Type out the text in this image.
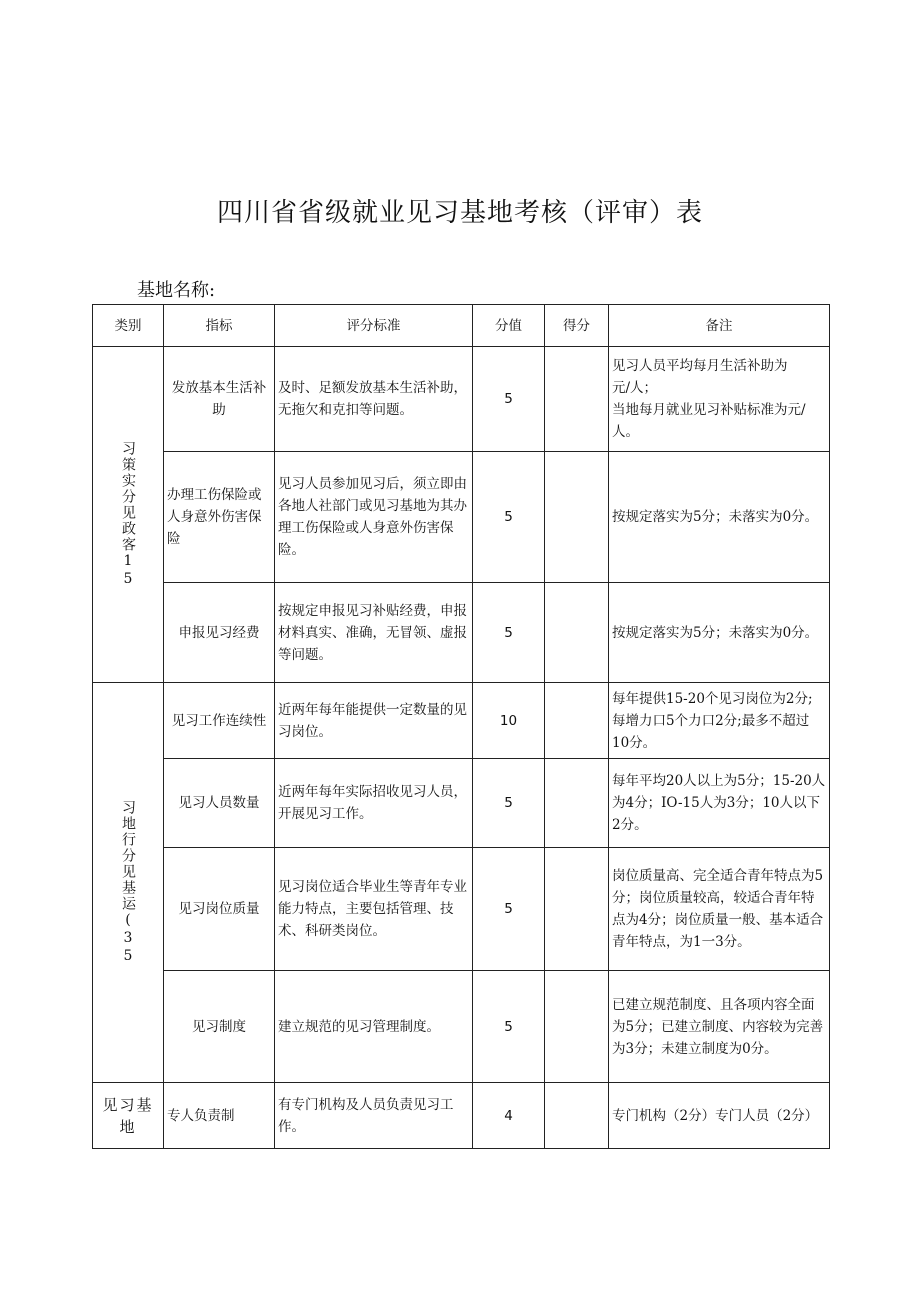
四川省省级就业见习基地考核（评审）表
基地名称:
类别	指标	评分标准	分值	得分	备注

习策实分见政客15	发放基本生活补助	及时、足额发放基本生活补助，无拖欠和克扣等问题。	5		见习人员平均每月生活补助为　　　元/人；
当地每月就业见习补贴标准为元/人。
	办理工伤保险或人身意外伤害保险	见习人员参加见习后，须立即由各地人社部门或见习基地为其办理工伤保险或人身意外伤害保险。	5		按规定落实为5分；未落实为0分。
	申报见习经费	按规定申报见习补贴经费，申报材料真实、准确，无冒领、虚报等问题。	5		按规定落实为5分；未落实为0分。

习地行分见基运(35	见习工作连续性	近两年每年能提供一定数量的见习岗位。	10		每年提供15-20个见习岗位为2分;每增力口5个力口2分;最多不超过10分。
	见习人员数量	近两年每年实际招收见习人员，开展见习工作。	5		每年平均20人以上为5分；15-20人为4分；IO-15人为3分；10人以下2分。
	见习岗位质量	见习岗位适合毕业生等青年专业能力特点，主要包括管理、技术、科研类岗位。	5		岗位质量高、完全适合青年特点为5分；岗位质量较高，较适合青年特点为4分；岗位质量一般、基本适合青年特点，为1一3分。
	见习制度	建立规范的见习管理制度。	5		已建立规范制度、且各项内容全面为5分；已建立制度、内容较为完善为3分；未建立制度为0分。
见习基地	专人负责制	有专门机构及人员负责见习工作。	4		专门机构（2分）专门人员（2分）
